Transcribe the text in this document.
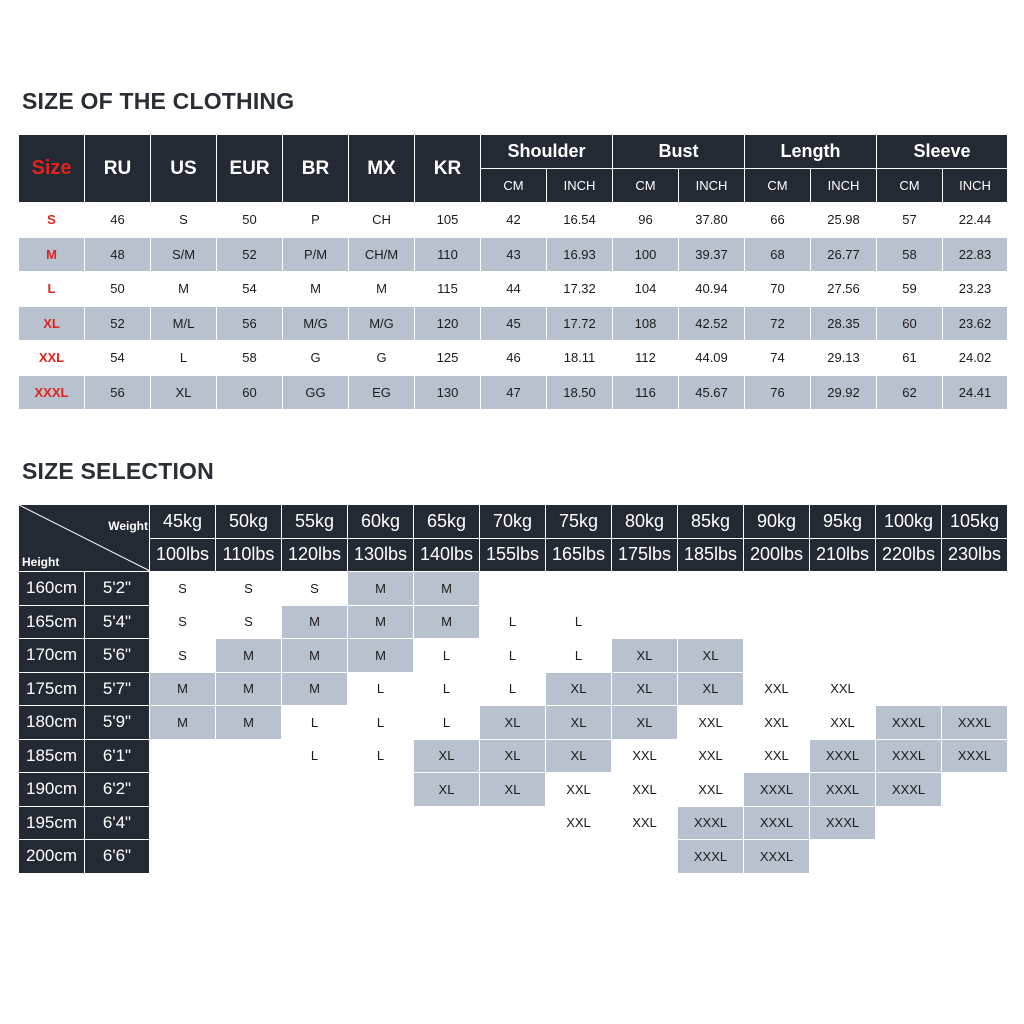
SIZE OF THE CLOTHING
Size	RU	US	EUR	BR	MX	KR	Shoulder		Bust		Length		Sleeve	
							CM	INCH	CM	INCH	CM	INCH	CM	INCH
S	46	S	50	P	CH	105	42	16.54	96	37.80	66	25.98	57	22.44
M	48	S/M	52	P/M	CH/M	110	43	16.93	100	39.37	68	26.77	58	22.83
L	50	M	54	M	M	115	44	17.32	104	40.94	70	27.56	59	23.23
XL	52	M/L	56	M/G	M/G	120	45	17.72	108	42.52	72	28.35	60	23.62
XXL	54	L	58	G	G	125	46	18.11	112	44.09	74	29.13	61	24.02
XXXL	56	XL	60	GG	EG	130	47	18.50	116	45.67	76	29.92	62	24.41
SIZE SELECTION
Weight
Height		45kg	50kg	55kg	60kg	65kg	70kg	75kg	80kg	85kg	90kg	95kg	100kg	105kg
		100lbs	110lbs	120lbs	130lbs	140lbs	155lbs	165lbs	175lbs	185lbs	200lbs	210lbs	220lbs	230lbs
160cm	5'2"	S	S	S	M	M								
165cm	5'4"	S	S	M	M	M	L	L						
170cm	5'6"	S	M	M	M	L	L	L	XL	XL				
175cm	5'7"	M	M	M	L	L	L	XL	XL	XL	XXL	XXL		
180cm	5'9"	M	M	L	L	L	XL	XL	XL	XXL	XXL	XXL	XXXL	XXXL
185cm	6'1"			L	L	XL	XL	XL	XXL	XXL	XXL	XXXL	XXXL	XXXL
190cm	6'2"					XL	XL	XXL	XXL	XXL	XXXL	XXXL	XXXL	
195cm	6'4"							XXL	XXL	XXXL	XXXL	XXXL		
200cm	6'6"									XXXL	XXXL			
